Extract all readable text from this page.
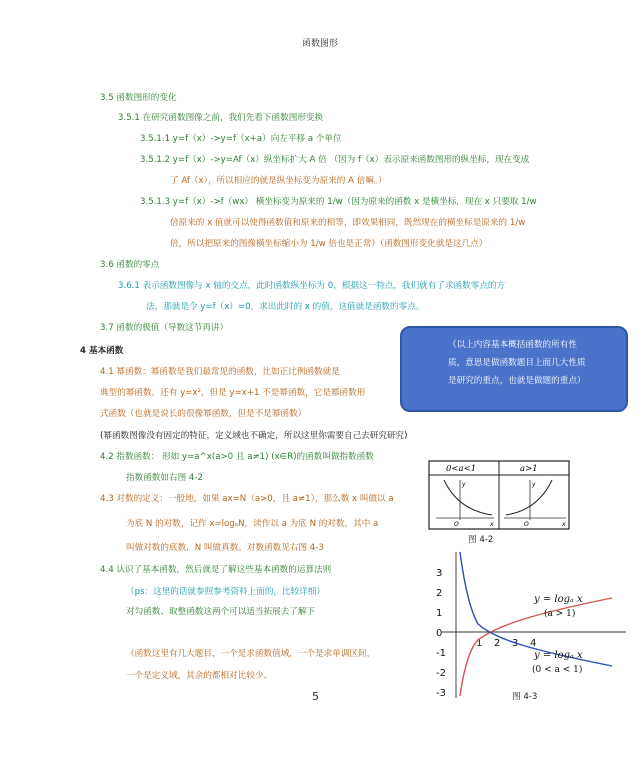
函数图形
3.5 函数图形的变化
3.5.1 在研究函数图像之前，我们先看下函数图形变换
3.5.1.1 y=f（x）->y=f（x+a）向左平移 a 个单位
3.5.1.2 y=f（x）->y=Af（x）纵坐标扩大 A 倍 （因为 f（x）表示原来函数图形的纵坐标，现在变成
了 Af（x），所以相应的就是纵坐标变为原来的 A 倍嘛。）
3.5.1.3 y=f（x）->f（wx） 横坐标变为原来的 1/w（因为原来的函数 x 是横坐标，现在 x 只要取 1/w
倍原来的 x 值就可以使得函数值和原来的相等，即效果相同，既然现在的横坐标是原来的 1/w
倍，所以把原来的图像横坐标缩小为 1/w 倍也是正常）（函数图形变化就是这几点）
3.6 函数的零点
3.6.1 表示函数图像与 x 轴的交点，此时函数纵坐标为 0，根据这一特点，我们就有了求函数零点的方
法，那就是令 y=f（x）=0，求出此时的 x 的值，这值就是函数的零点。
3.7 函数的极值（导数这节再讲）
4 基本函数
4.1 幂函数：幂函数是我们最常见的函数，比如正比例函数就是
典型的幂函数，还有 y=x²，但是 y=x+1 不是幂函数，它是幂函数形
式函数（也就是说长的很像幂函数，但是不是幂函数）
(幂函数图像没有固定的特征，定义域也不确定，所以这里你需要自己去研究研究)
4.2 指数函数： 形如 y=a^x(a>0 且 a≠1) (x∈R)的函数叫做指数函数
指数函数如右图 4-2
4.3 对数的定义：一般地，如果 ax=N（a>0，且 a≠1），那么数 x 叫做以 a
为底 N 的对数，记作 x=logₐN，读作以 a 为底 N 的对数，其中 a
叫做对数的底数，N 叫做真数。对数函数见右图 4-3
4.4 认识了基本函数，然后就是了解这些基本函数的运算法则
（ps：这里的话就参照参考资料上面的，比较详细）
对勾函数、取整函数这两个可以适当拓展去了解下
（函数这里有几大题目，一个是求函数值域，一个是求单调区间，
一个是定义域，其余的都相对比较少。
（以上内容基本概括函数的所有性
质，意思是做函数题目上面几大性质
是研究的重点，也就是做题的重点）
0<a<1	a>1
y
x
O
y
x
O
图 4-2
3
2
1
0
-1
-2
-3
1 2 3 4
y = logₐ x
(a > 1)
y = logₐ x
(0 < a < 1)
图 4-3
5
